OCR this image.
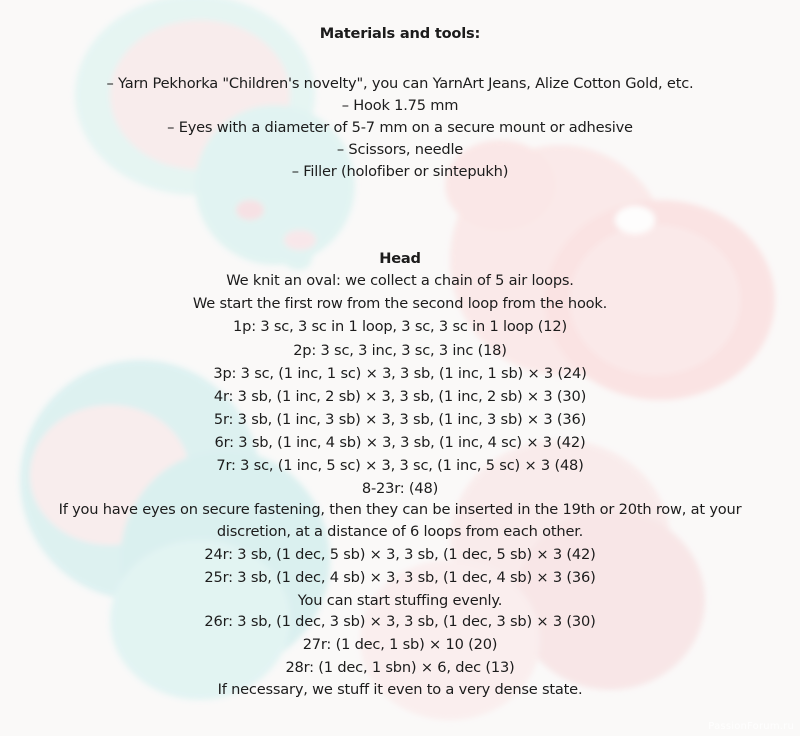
Materials and tools:
– Yarn Pekhorka "Children's novelty", you can YarnArt Jeans, Alize Cotton Gold, etc.
– Hook 1.75 mm
– Eyes with a diameter of 5-7 mm on a secure mount or adhesive
– Scissors, needle
– Filler (holofiber or sintepukh)
Head
We knit an oval: we collect a chain of 5 air loops.
We start the first row from the second loop from the hook.
1p: 3 sc, 3 sc in 1 loop, 3 sc, 3 sc in 1 loop (12)
2p: 3 sc, 3 inc, 3 sc, 3 inc (18)
3p: 3 sc, (1 inc, 1 sc) × 3, 3 sb, (1 inc, 1 sb) × 3 (24)
4r: 3 sb, (1 inc, 2 sb) × 3, 3 sb, (1 inc, 2 sb) × 3 (30)
5r: 3 sb, (1 inc, 3 sb) × 3, 3 sb, (1 inc, 3 sb) × 3 (36)
6r: 3 sb, (1 inc, 4 sb) × 3, 3 sb, (1 inc, 4 sc) × 3 (42)
7r: 3 sc, (1 inc, 5 sc) × 3, 3 sc, (1 inc, 5 sc) × 3 (48)
8-23r: (48)
If you have eyes on secure fastening, then they can be inserted in the 19th or 20th row, at your
discretion, at a distance of 6 loops from each other.
24r: 3 sb, (1 dec, 5 sb) × 3, 3 sb, (1 dec, 5 sb) × 3 (42)
25r: 3 sb, (1 dec, 4 sb) × 3, 3 sb, (1 dec, 4 sb) × 3 (36)
You can start stuffing evenly.
26r: 3 sb, (1 dec, 3 sb) × 3, 3 sb, (1 dec, 3 sb) × 3 (30)
27r: (1 dec, 1 sb) × 10 (20)
28r: (1 dec, 1 sbn) × 6, dec (13)
If necessary, we stuff it even to a very dense state.
PassionForum.ru
